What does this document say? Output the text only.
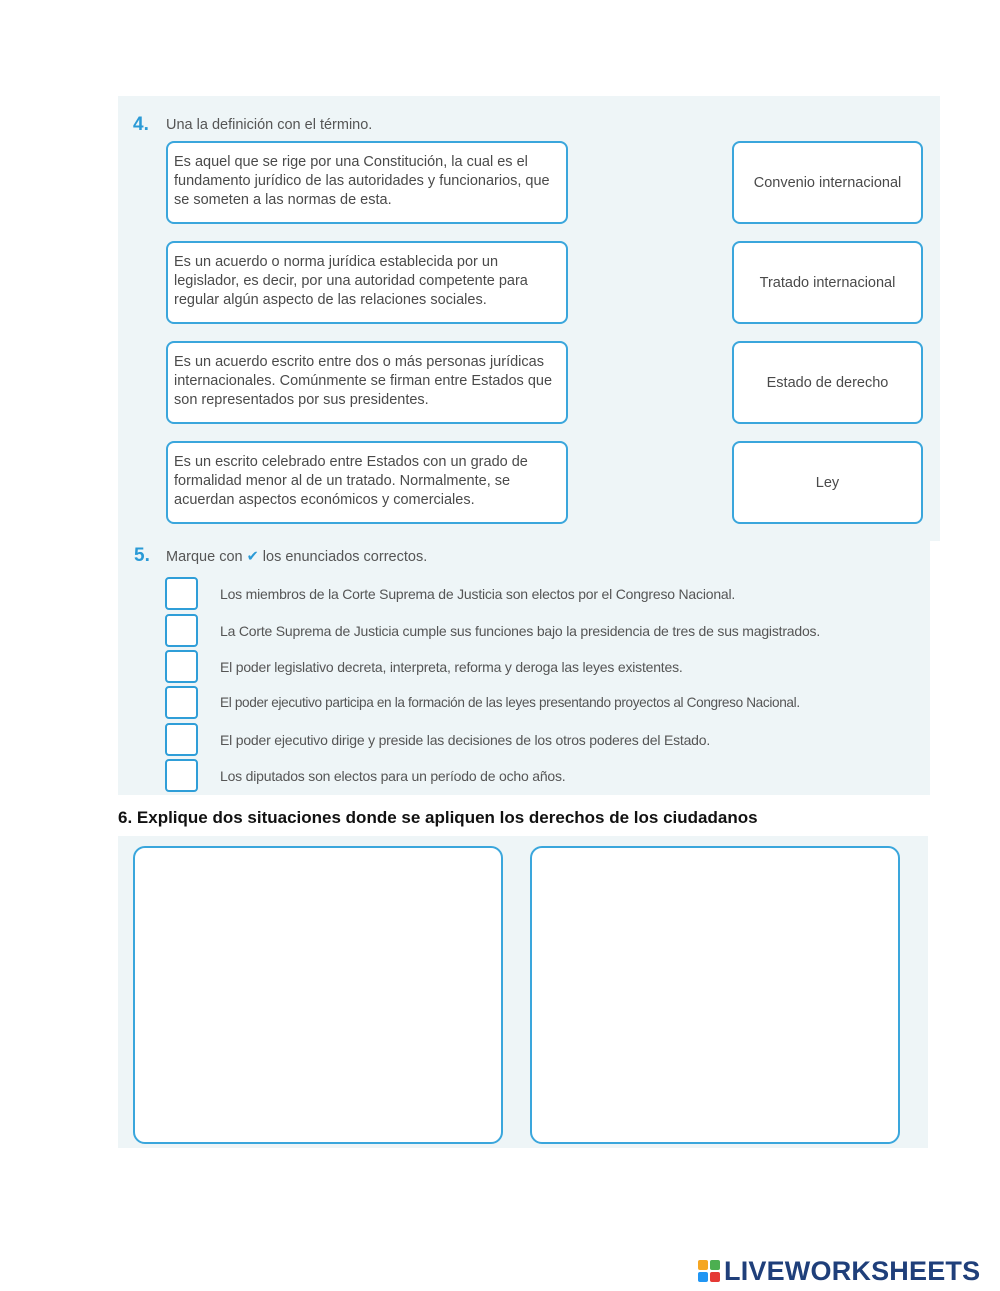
4. Una la definición con el término.
Es aquel que se rige por una Constitución, la cual es el fundamento jurídico de las autoridades y funcionarios, que se someten a las normas de esta.
Es un acuerdo o norma jurídica establecida por un legislador, es decir, por una autoridad competente para regular algún aspecto de las relaciones sociales.
Es un acuerdo escrito entre dos o más personas jurídicas internacionales. Comúnmente se firman entre Estados que son representados por sus presidentes.
Es un escrito celebrado entre Estados con un grado de formalidad menor al de un tratado. Normalmente, se acuerdan aspectos económicos y comerciales.
Convenio internacional
Tratado internacional
Estado de derecho
Ley
5. Marque con ✔ los enunciados correctos.
Los miembros de la Corte Suprema de Justicia son electos por el Congreso Nacional.
La Corte Suprema de Justicia cumple sus funciones bajo la presidencia de tres de sus magistrados.
El poder legislativo decreta, interpreta, reforma y deroga las leyes existentes.
El poder ejecutivo participa en la formación de las leyes presentando proyectos al Congreso Nacional.
El poder ejecutivo dirige y preside las decisiones de los otros poderes del Estado.
Los diputados son electos para un período de ocho años.
6. Explique dos situaciones donde se apliquen los derechos de los ciudadanos
LIVEWORKSHEETS
